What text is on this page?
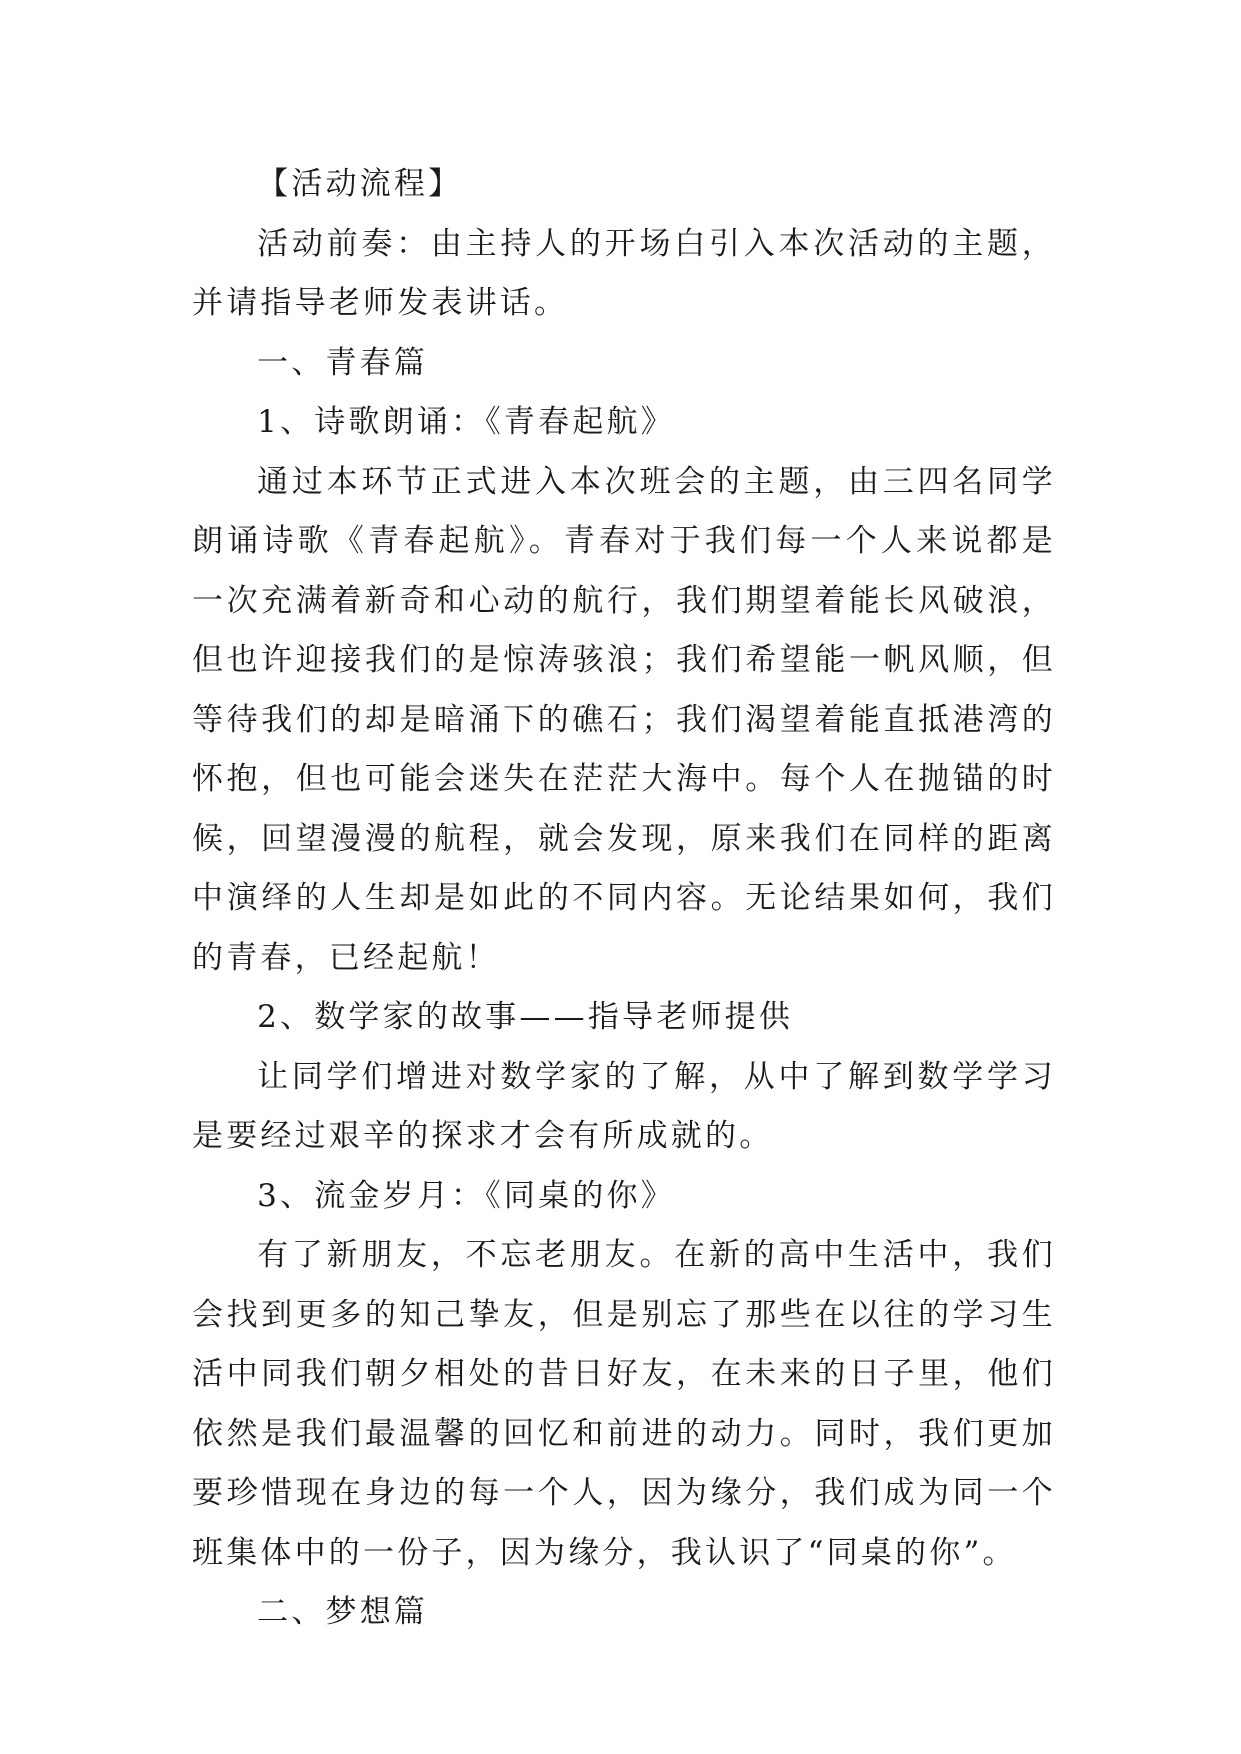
【活动流程】

活动前奏：由主持人的开场白引入本次活动的主题，并请指导老师发表讲话。

一、青春篇

1、诗歌朗诵：《青春起航》

通过本环节正式进入本次班会的主题，由三四名同学朗诵诗歌《青春起航》。青春对于我们每一个人来说都是一次充满着新奇和心动的航行，我们期望着能长风破浪，但也许迎接我们的是惊涛骇浪；我们希望能一帆风顺，但等待我们的却是暗涌下的礁石；我们渴望着能直抵港湾的怀抱，但也可能会迷失在茫茫大海中。每个人在抛锚的时候，回望漫漫的航程，就会发现，原来我们在同样的距离中演绎的人生却是如此的不同内容。无论结果如何，我们的青春，已经起航！

2、数学家的故事——指导老师提供

让同学们增进对数学家的了解，从中了解到数学学习是要经过艰辛的探求才会有所成就的。

3、流金岁月：《同桌的你》

有了新朋友，不忘老朋友。在新的高中生活中，我们会找到更多的知己挚友，但是别忘了那些在以往的学习生活中同我们朝夕相处的昔日好友，在未来的日子里，他们依然是我们最温馨的回忆和前进的动力。同时，我们更加要珍惜现在身边的每一个人，因为缘分，我们成为同一个班集体中的一份子，因为缘分，我认识了“同桌的你”。

二、梦想篇
